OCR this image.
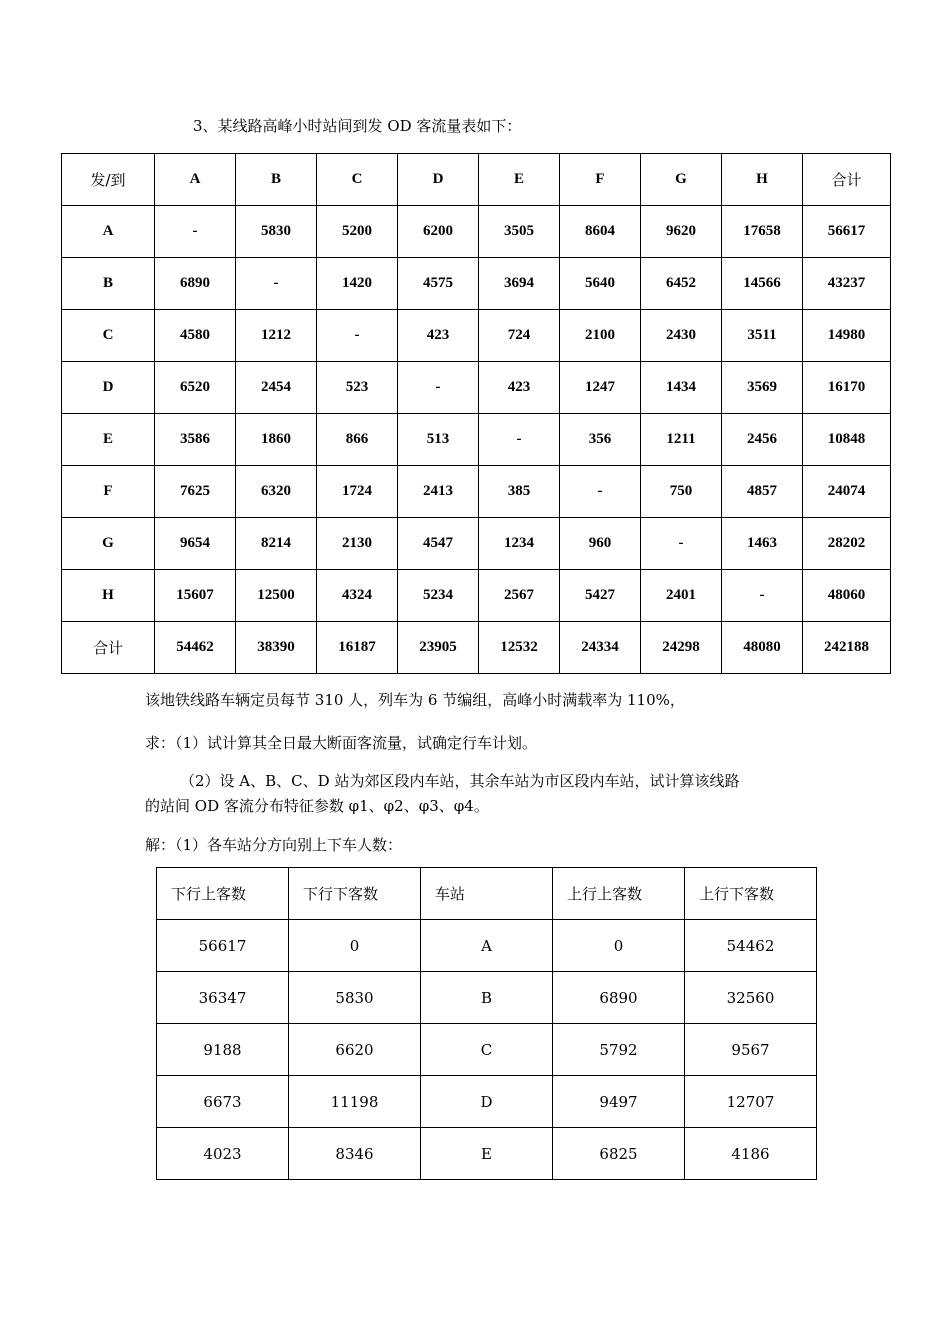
3、某线路高峰小时站间到发 OD 客流量表如下：
发/到	A	B	C	D	E	F	G	H	合计
A	-	5830	5200	6200	3505	8604	9620	17658	56617
B	6890	-	1420	4575	3694	5640	6452	14566	43237
C	4580	1212	-	423	724	2100	2430	3511	14980
D	6520	2454	523	-	423	1247	1434	3569	16170
E	3586	1860	866	513	-	356	1211	2456	10848
F	7625	6320	1724	2413	385	-	750	4857	24074
G	9654	8214	2130	4547	1234	960	-	1463	28202
H	15607	12500	4324	5234	2567	5427	2401	-	48060
合计	54462	38390	16187	23905	12532	24334	24298	48080	242188
该地铁线路车辆定员每节 310 人，列车为 6 节编组，高峰小时满载率为 110%，
求：（1）试计算其全日最大断面客流量，试确定行车计划。
（2）设 A、B、C、D 站为郊区段内车站，其余车站为市区段内车站，试计算该线路
的站间 OD 客流分布特征参数 φ1、φ2、φ3、φ4。
解：（1）各车站分方向别上下车人数：
下行上客数	下行下客数	车站	上行上客数	上行下客数
56617	0	A	0	54462
36347	5830	B	6890	32560
9188	6620	C	5792	9567
6673	11198	D	9497	12707
4023	8346	E	6825	4186
